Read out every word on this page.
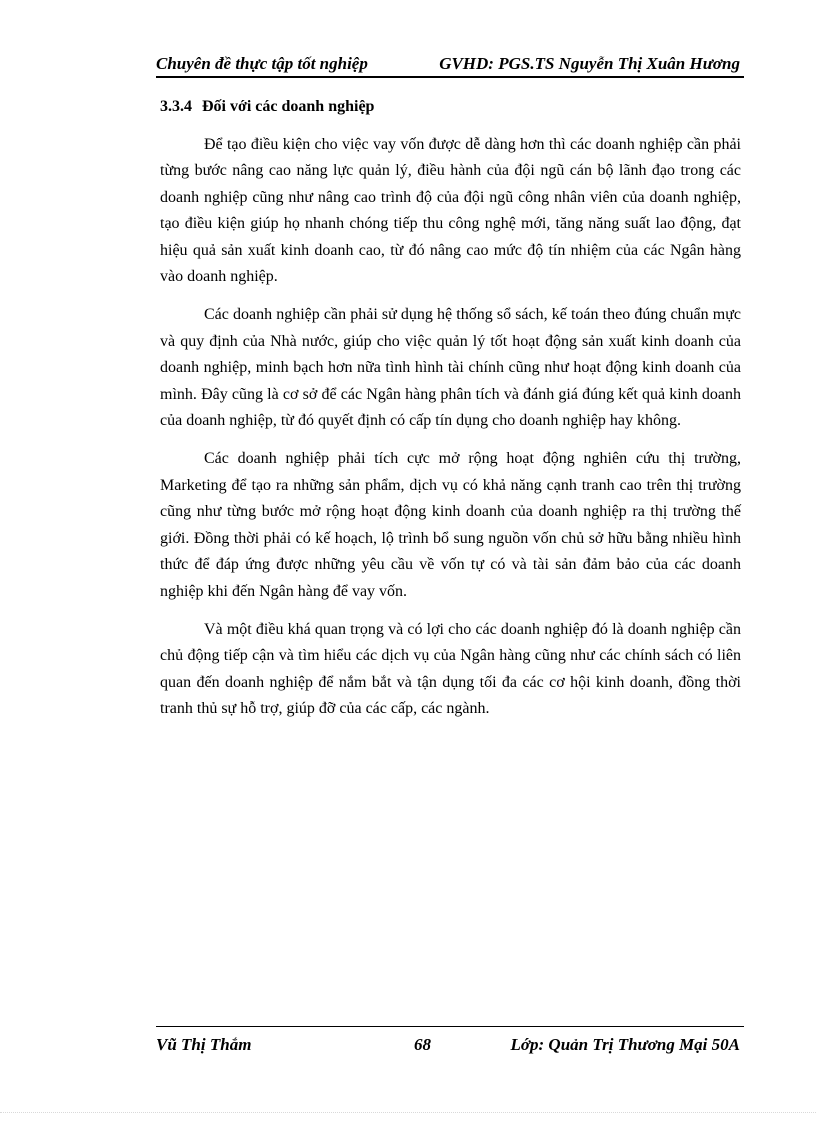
Chuyên đề thực tập tốt nghiệp	GVHD: PGS.TS Nguyễn Thị Xuân Hương
3.3.4 Đối với các doanh nghiệp

Để tạo điều kiện cho việc vay vốn được dễ dàng hơn thì các doanh nghiệp cần phải từng bước nâng cao năng lực quản lý, điều hành của đội ngũ cán bộ lãnh đạo trong các doanh nghiệp cũng như nâng cao trình độ của đội ngũ công nhân viên của doanh nghiệp, tạo điều kiện giúp họ nhanh chóng tiếp thu công nghệ mới, tăng năng suất lao động, đạt hiệu quả sản xuất kinh doanh cao, từ đó nâng cao mức độ tín nhiệm của các Ngân hàng vào doanh nghiệp.

Các doanh nghiệp cần phải sử dụng hệ thống sổ sách, kế toán theo đúng chuẩn mực và quy định của Nhà nước, giúp cho việc quản lý tốt hoạt động sản xuất kinh doanh của doanh nghiệp, minh bạch hơn nữa tình hình tài chính cũng như hoạt động kinh doanh của mình. Đây cũng là cơ sở để các Ngân hàng phân tích và đánh giá đúng kết quả kinh doanh của doanh nghiệp, từ đó quyết định có cấp tín dụng cho doanh nghiệp hay không.

Các doanh nghiệp phải tích cực mở rộng hoạt động nghiên cứu thị trường, Marketing để tạo ra những sản phẩm, dịch vụ có khả năng cạnh tranh cao trên thị trường cũng như từng bước mở rộng hoạt động kinh doanh của doanh nghiệp ra thị trường thế giới. Đồng thời phải có kế hoạch, lộ trình bổ sung nguồn vốn chủ sở hữu bằng nhiều hình thức để đáp ứng được những yêu cầu về vốn tự có và tài sản đảm bảo của các doanh nghiệp khi đến Ngân hàng để vay vốn.

Và một điều khá quan trọng và có lợi cho các doanh nghiệp đó là doanh nghiệp cần chủ động tiếp cận và tìm hiểu các dịch vụ của Ngân hàng cũng như các chính sách có liên quan đến doanh nghiệp để nắm bắt và tận dụng tối đa các cơ hội kinh doanh, đồng thời tranh thủ sự hỗ trợ, giúp đỡ của các cấp, các ngành.

Vũ Thị Thắm	68	Lớp: Quản Trị Thương Mại 50A
